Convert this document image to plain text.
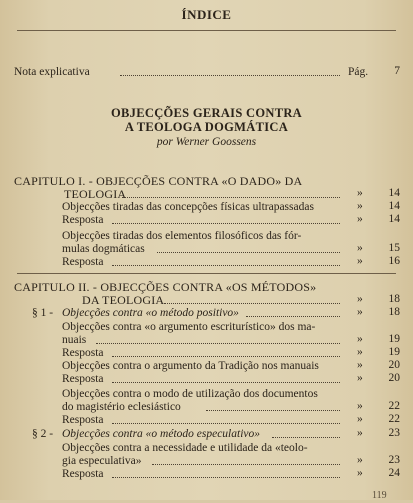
ÍNDICE
Nota explicativa	Pág.	7
OBJECÇÕES GERAIS CONTRA
A TEOLOGA DOGMÁTICA
por Werner Goossens
CAPITULO I. - OBJECÇÕES CONTRA «O DADO» DA
TEOLOGIA	»	14
Objecções tiradas das concepções físicas ultrapassadas	»	14
Resposta	»	14
Objecções tiradas dos elementos filosóficos das fór-
mulas dogmáticas	»	15
Resposta	»	16
CAPITULO II. - OBJECÇÕES CONTRA «OS MÉTODOS»
DA TEOLOGIA	»	18
§ 1 - Objecções contra «o método positivo»	»	18
Objecções contra «o argumento escriturístico» dos ma-
nuais	»	19
Resposta	»	19
Objecções contra o argumento da Tradição nos manuais	»	20
Resposta	»	20
Objecções contra o modo de utilização dos documentos
do magistério eclesiástico	»	22
Resposta	»	22
§ 2 - Objecções contra «o método especulativo»	»	23
Objecções contra a necessidade e utilidade da «teolo-
gia especulativa»	»	23
Resposta	»	24
119
